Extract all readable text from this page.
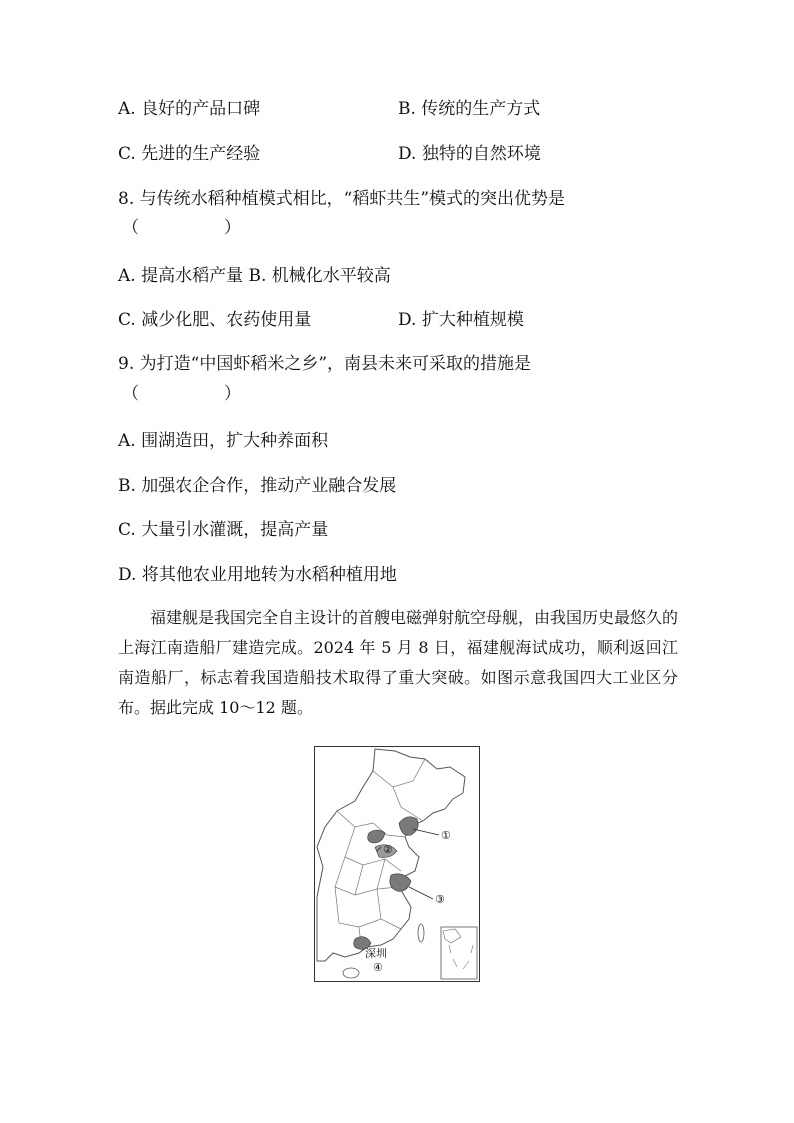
A. 良好的产品口碑	B. 传统的生产方式
C. 先进的生产经验	D. 独特的自然环境
8. 与传统水稻种植模式相比，“稻虾共生”模式的突出优势是
（　　　　　）
A. 提高水稻产量 B. 机械化水平较高
C. 减少化肥、农药使用量	D. 扩大种植规模
9. 为打造“中国虾稻米之乡”，南县未来可采取的措施是
（　　　　　）
A. 围湖造田，扩大种养面积
B. 加强农企合作，推动产业融合发展
C. 大量引水灌溉，提高产量
D. 将其他农业用地转为水稻种植用地

福建舰是我国完全自主设计的首艘电磁弹射航空母舰，由我国历史最悠久的上海江南造船厂建造完成。2024 年 5 月 8 日，福建舰海试成功，顺利返回江南造船厂，标志着我国造船技术取得了重大突破。如图示意我国四大工业区分布。据此完成 10～12 题。

①
②
③
④
深圳
